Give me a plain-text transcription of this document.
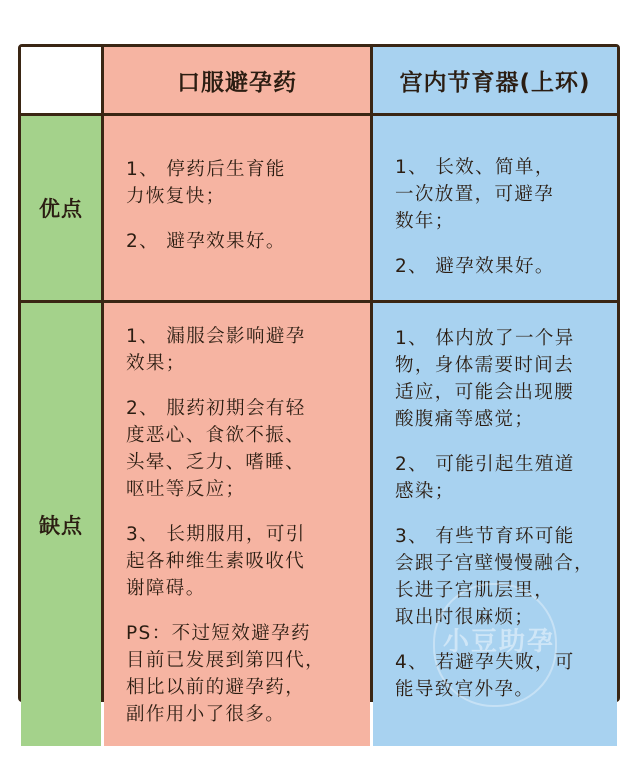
口服避孕药	宫内节育器(上环)
优点
1、 停药后生育能
力恢复快；
2、 避孕效果好。
1、 长效、简单，
一次放置，可避孕
数年；
2、 避孕效果好。
缺点
1、 漏服会影响避孕
效果；
2、 服药初期会有轻
度恶心、食欲不振、
头晕、乏力、嗜睡、
呕吐等反应；
3、 长期服用，可引
起各种维生素吸收代
谢障碍。
PS：不过短效避孕药
目前已发展到第四代，
相比以前的避孕药，
副作用小了很多。
1、 体内放了一个异
物，身体需要时间去
适应，可能会出现腰
酸腹痛等感觉；
2、 可能引起生殖道
感染；
3、 有些节育环可能
会跟子宫壁慢慢融合，
长进子宫肌层里，
取出时很麻烦；
4、 若避孕失败，可
能导致宫外孕。
小豆助孕
